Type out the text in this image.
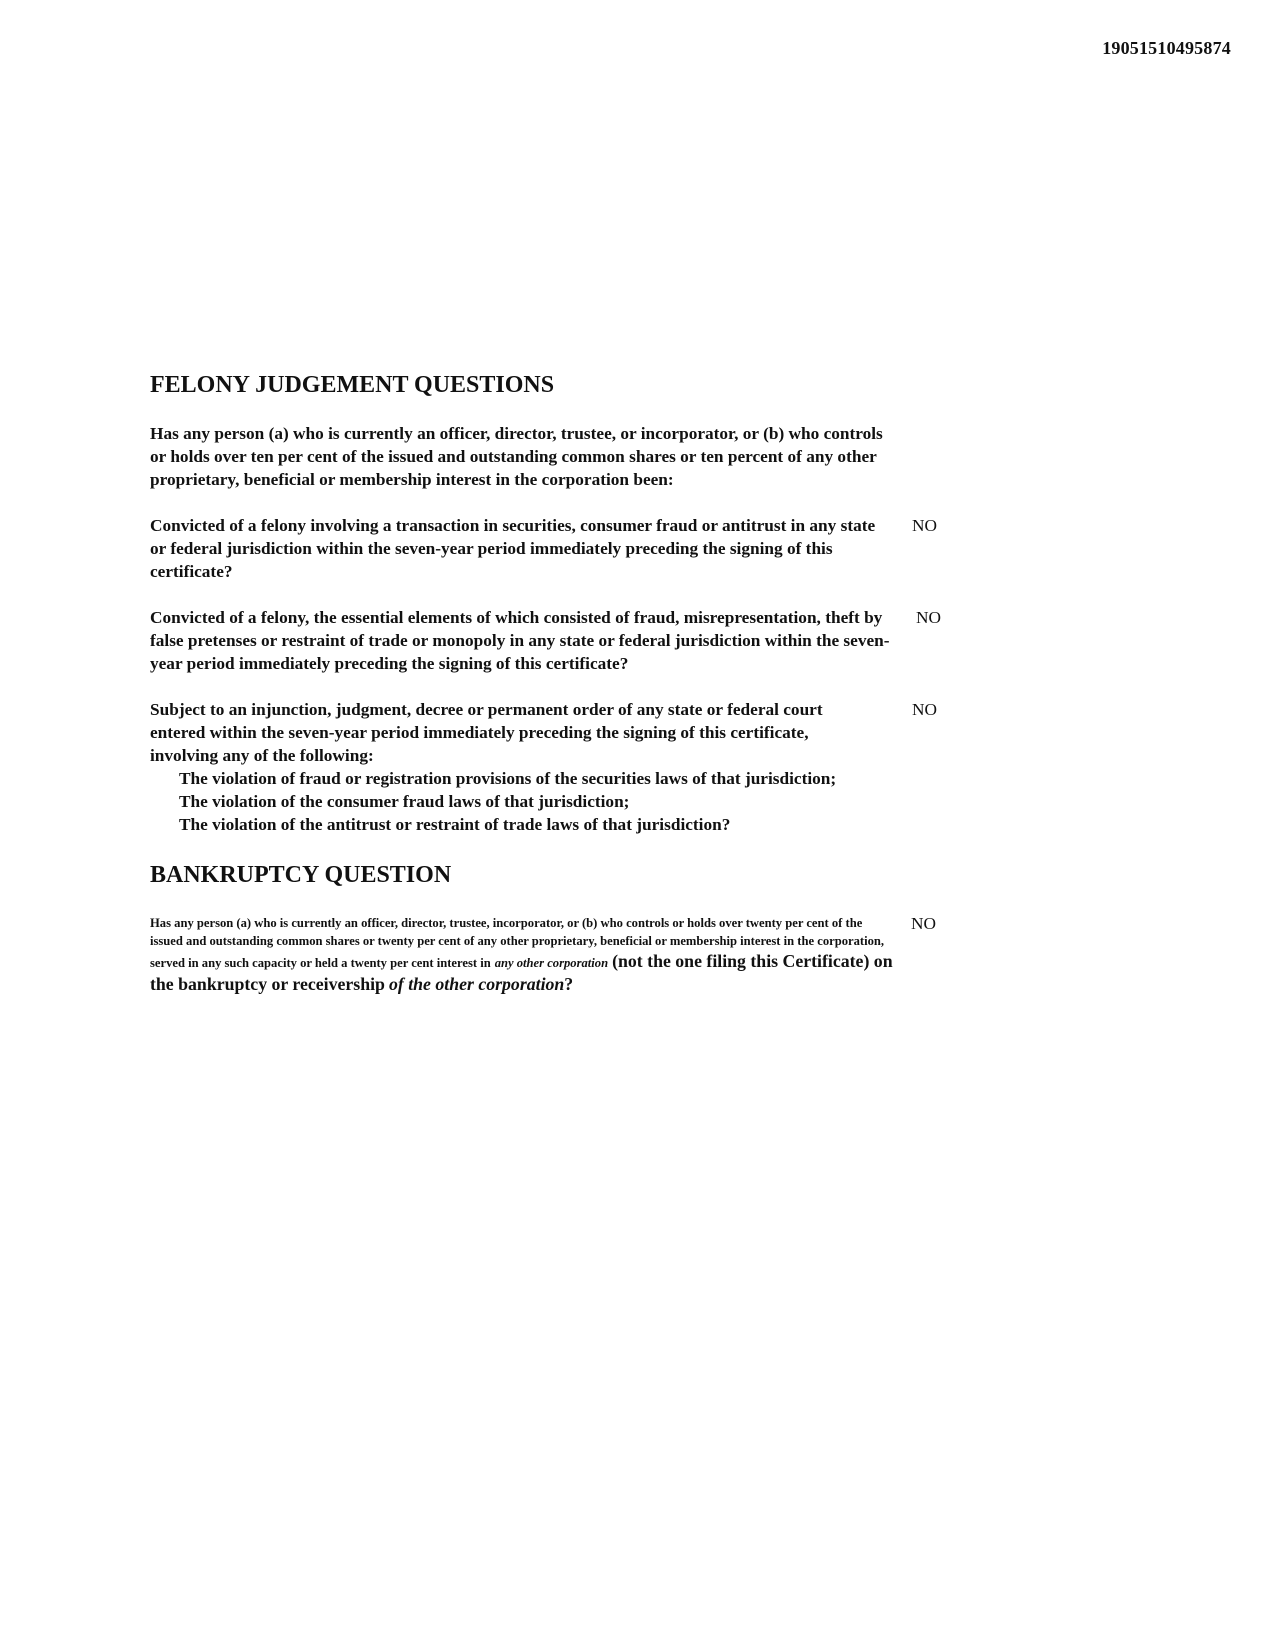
19051510495874
FELONY JUDGEMENT QUESTIONS

Has any person (a) who is currently an officer, director, trustee, or incorporator, or (b) who controls or holds over ten per cent of the issued and outstanding common shares or ten percent of any other proprietary, beneficial or membership interest in the corporation been:

Convicted of a felony involving a transaction in securities, consumer fraud or antitrust in any state or federal jurisdiction within the seven-year period immediately preceding the signing of this certificate?
NO
Convicted of a felony, the essential elements of which consisted of fraud, misrepresentation, theft by false pretenses or restraint of trade or monopoly in any state or federal jurisdiction within the seven-year period immediately preceding the signing of this certificate?
NO
Subject to an injunction, judgment, decree or permanent order of any state or federal court entered within the seven-year period immediately preceding the signing of this certificate, involving any of the following:
The violation of fraud or registration provisions of the securities laws of that jurisdiction;
The violation of the consumer fraud laws of that jurisdiction;
The violation of the antitrust or restraint of trade laws of that jurisdiction?
NO
BANKRUPTCY QUESTION
Has any person (a) who is currently an officer, director, trustee, incorporator, or (b) who controls or holds over twenty per cent of the issued and outstanding common shares or twenty per cent of any other proprietary, beneficial or membership interest in the corporation, served in any such capacity or held a twenty per cent interest in any other corporation (not the one filing this Certificate) on the bankruptcy or receivership of the other corporation?
NO
